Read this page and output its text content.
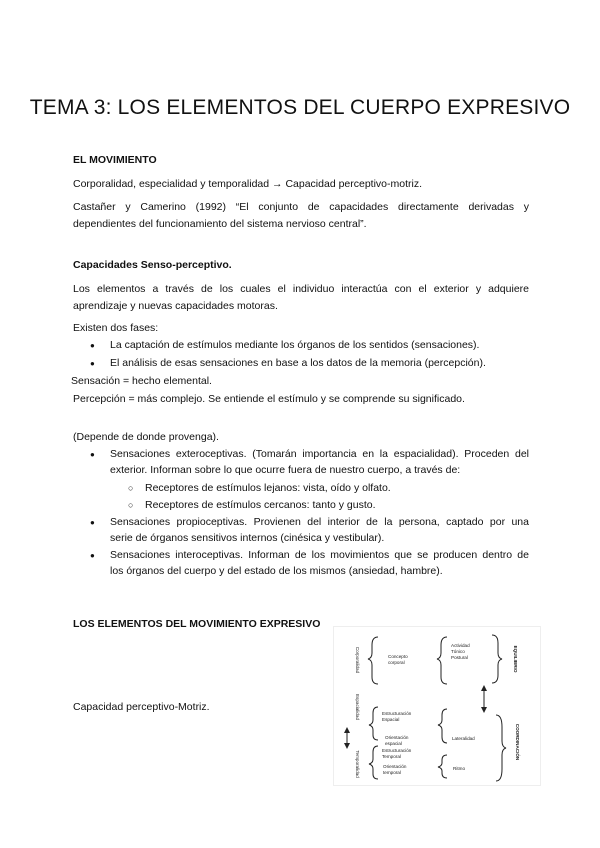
TEMA 3: LOS ELEMENTOS DEL CUERPO EXPRESIVO
EL MOVIMIENTO
Corporalidad, especialidad y temporalidad → Capacidad perceptivo-motriz.
Castañer y Camerino (1992) “El conjunto de capacidades directamente derivadas y
dependientes del funcionamiento del sistema nervioso central”.
Capacidades Senso-perceptivo.
Los elementos a través de los cuales el individuo interactúa con el exterior y adquiere
aprendizaje y nuevas capacidades motoras.
Existen dos fases:
● La captación de estímulos mediante los órganos de los sentidos (sensaciones).
● El análisis de esas sensaciones en base a los datos de la memoria (percepción).
Sensación = hecho elemental.
Percepción = más complejo. Se entiende el estímulo y se comprende su significado.
(Depende de donde provenga).
● Sensaciones exteroceptivas. (Tomarán importancia en la espacialidad). Proceden del
exterior. Informan sobre lo que ocurre fuera de nuestro cuerpo, a través de:
○ Receptores de estímulos lejanos: vista, oído y olfato.
○ Receptores de estímulos cercanos: tanto y gusto.
● Sensaciones propioceptivas. Provienen del interior de la persona, captado por una
serie de órganos sensitivos internos (cinésica y vestibular).
● Sensaciones interoceptivas. Informan de los movimientos que se producen dentro de
los órganos del cuerpo y del estado de los mismos (ansiedad, hambre).
LOS ELEMENTOS DEL MOVIMIENTO EXPRESIVO
Capacidad perceptivo-Motriz.
Corporalidad	Concepto
corporal
Actividad
Tónico
Postural	EQUILIBRIO
Espacialidad	Estructuración
Espacial
Orientación
espacial
Lateralidad	COORDINACIÓN
Temporalidad	Estructuración
Temporal
Orientación
temporal
Ritmo
